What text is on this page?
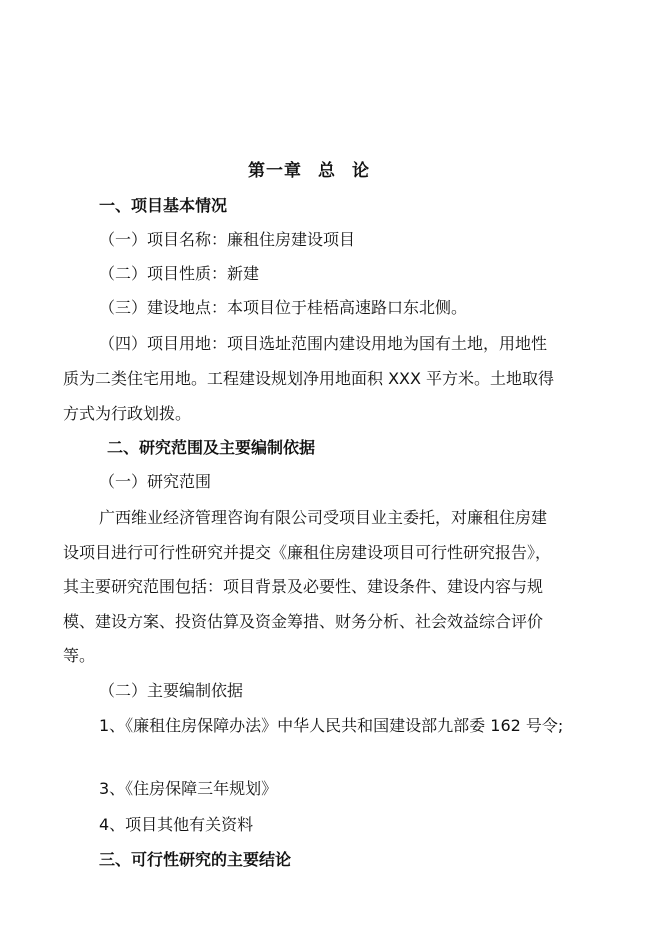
第一章 总 论
一、项目基本情况
（一）项目名称：廉租住房建设项目
（二）项目性质：新建
（三）建设地点：本项目位于桂梧高速路口东北侧。
（四）项目用地：项目选址范围内建设用地为国有土地，用地性
质为二类住宅用地。工程建设规划净用地面积 XXX 平方米。土地取得
方式为行政划拨。
二、研究范围及主要编制依据
（一）研究范围
广西维业经济管理咨询有限公司受项目业主委托，对廉租住房建
设项目进行可行性研究并提交《廉租住房建设项目可行性研究报告》，
其主要研究范围包括：项目背景及必要性、建设条件、建设内容与规
模、建设方案、投资估算及资金筹措、财务分析、社会效益综合评价
等。
（二）主要编制依据
1、《廉租住房保障办法》中华人民共和国建设部九部委 162 号令;
3、《住房保障三年规划》
4、项目其他有关资料
三、可行性研究的主要结论
